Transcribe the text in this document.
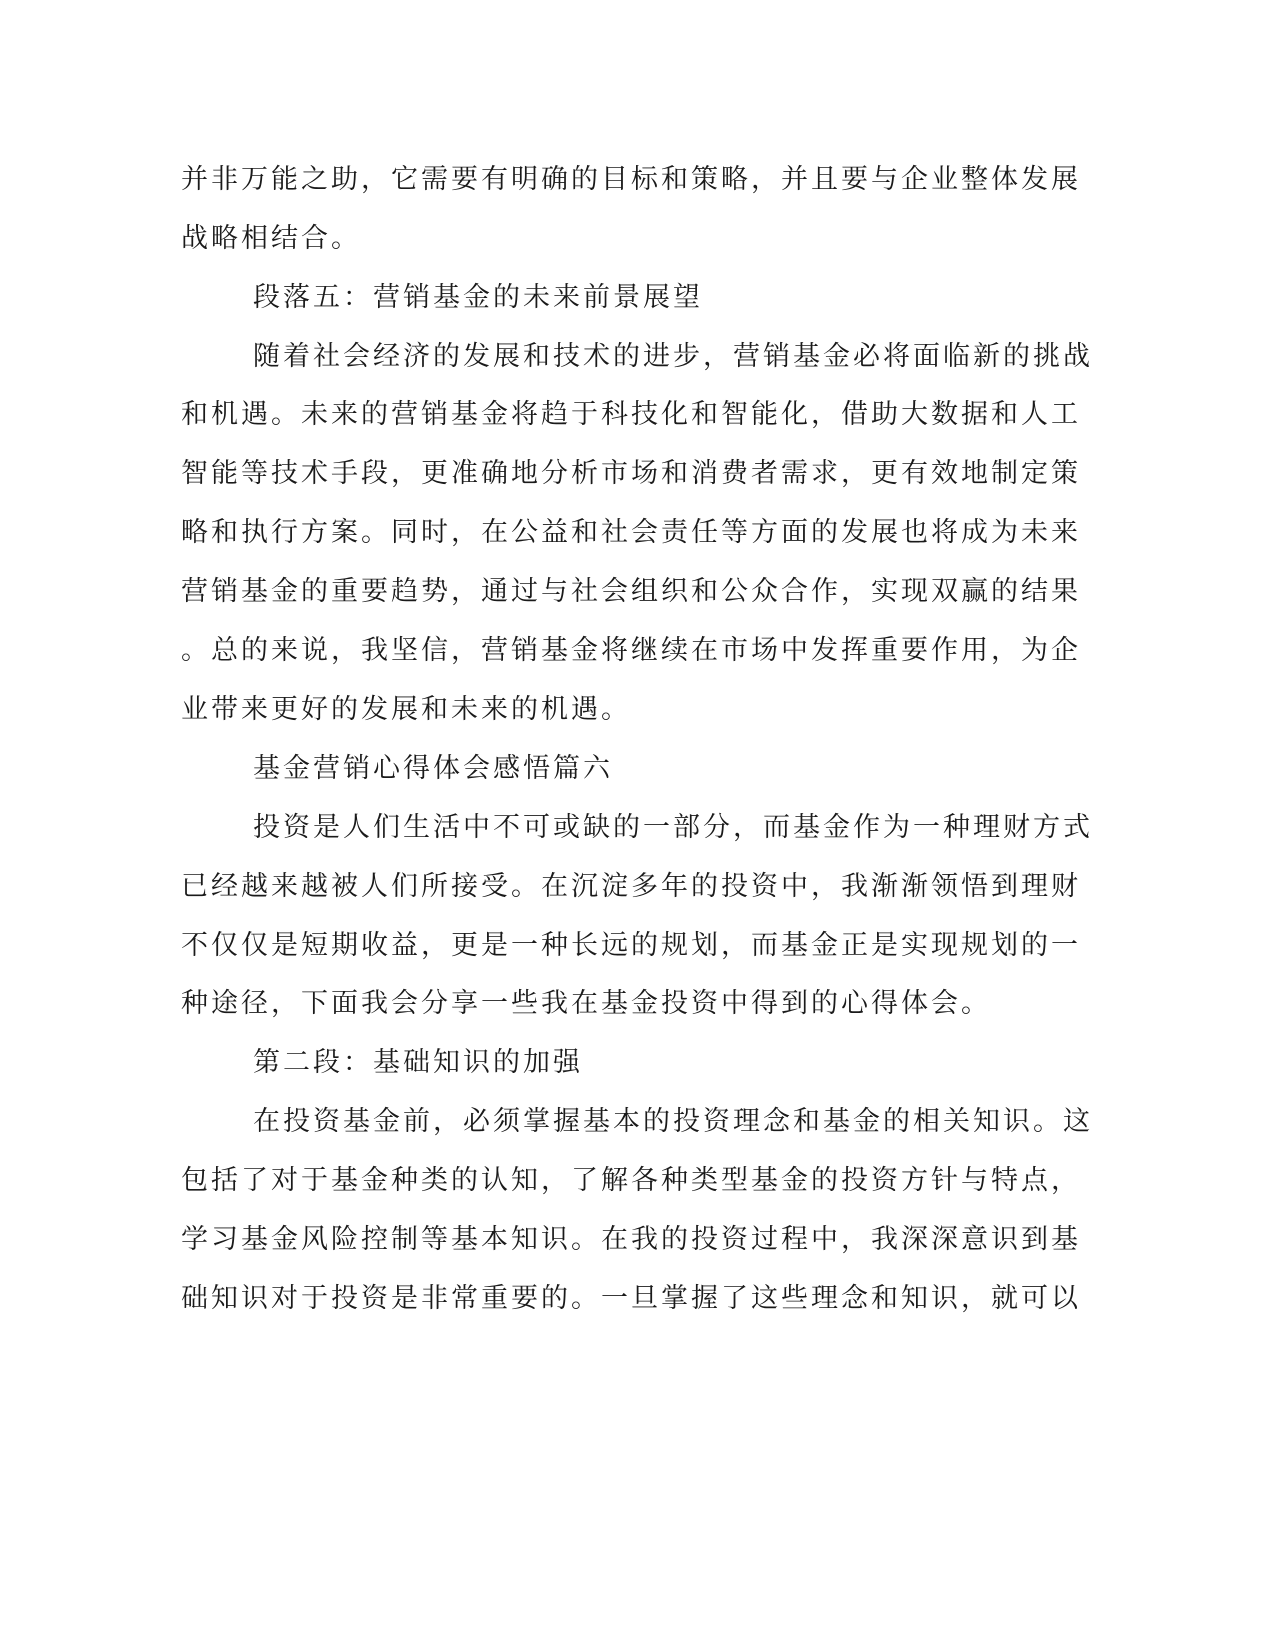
并非万能之助，它需要有明确的目标和策略，并且要与企业整体发展
战略相结合。
段落五：营销基金的未来前景展望
随着社会经济的发展和技术的进步，营销基金必将面临新的挑战
和机遇。未来的营销基金将趋于科技化和智能化，借助大数据和人工
智能等技术手段，更准确地分析市场和消费者需求，更有效地制定策
略和执行方案。同时，在公益和社会责任等方面的发展也将成为未来
营销基金的重要趋势，通过与社会组织和公众合作，实现双赢的结果
。总的来说，我坚信，营销基金将继续在市场中发挥重要作用，为企
业带来更好的发展和未来的机遇。
基金营销心得体会感悟篇六
投资是人们生活中不可或缺的一部分，而基金作为一种理财方式
已经越来越被人们所接受。在沉淀多年的投资中，我渐渐领悟到理财
不仅仅是短期收益，更是一种长远的规划，而基金正是实现规划的一
种途径，下面我会分享一些我在基金投资中得到的心得体会。
第二段：基础知识的加强
在投资基金前，必须掌握基本的投资理念和基金的相关知识。这
包括了对于基金种类的认知，了解各种类型基金的投资方针与特点，
学习基金风险控制等基本知识。在我的投资过程中，我深深意识到基
础知识对于投资是非常重要的。一旦掌握了这些理念和知识，就可以
